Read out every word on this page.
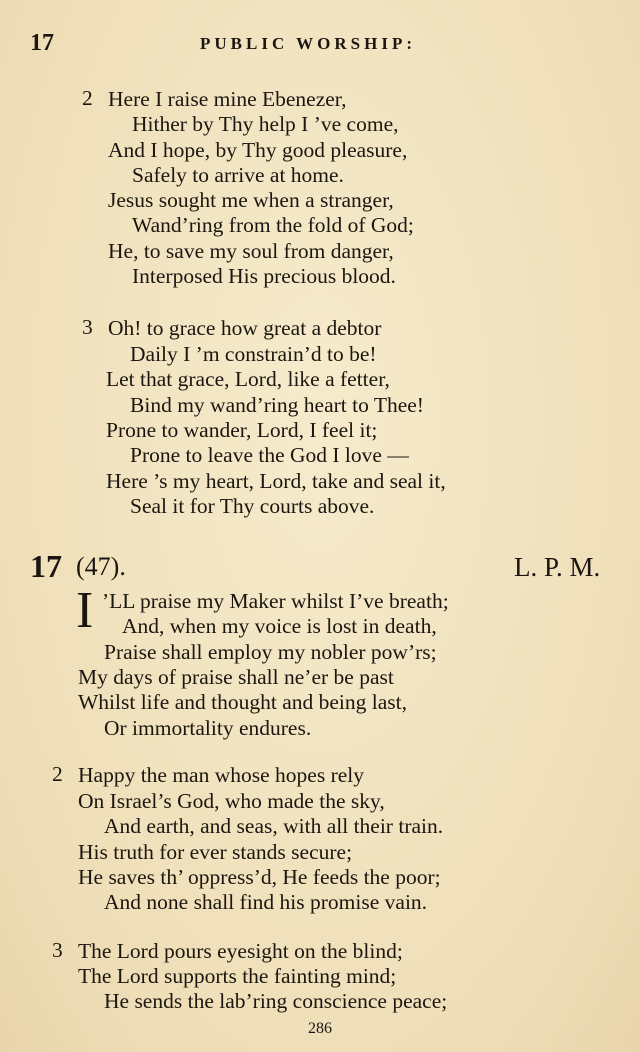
17	PUBLIC WORSHIP:
2 Here I raise mine Ebenezer,
Hither by Thy help I ’ve come,
And I hope, by Thy good pleasure,
Safely to arrive at home.
Jesus sought me when a stranger,
Wand’ring from the fold of God;
He, to save my soul from danger,
Interposed His precious blood.
3 Oh! to grace how great a debtor
Daily I ’m constrain’d to be!
Let that grace, Lord, like a fetter,
Bind my wand’ring heart to Thee!
Prone to wander, Lord, I feel it;
Prone to leave the God I love —
Here ’s my heart, Lord, take and seal it,
Seal it for Thy courts above.
17 (47).	L. P. M.
I ’LL praise my Maker whilst I’ve breath;
And, when my voice is lost in death,
Praise shall employ my nobler pow’rs;
My days of praise shall ne’er be past
Whilst life and thought and being last,
Or immortality endures.
2 Happy the man whose hopes rely
On Israel’s God, who made the sky,
And earth, and seas, with all their train.
His truth for ever stands secure;
He saves th’ oppress’d, He feeds the poor;
And none shall find his promise vain.
3 The Lord pours eyesight on the blind;
The Lord supports the fainting mind;
He sends the lab’ring conscience peace;
286
